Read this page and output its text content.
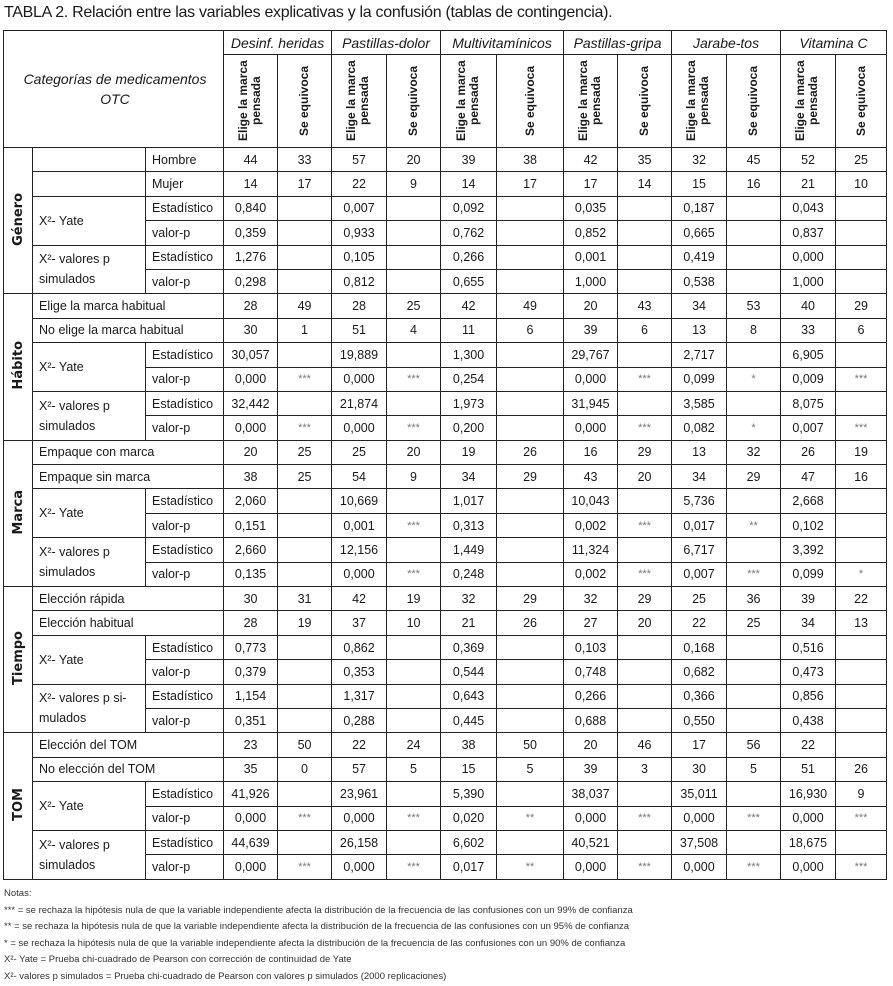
TABLA 2. Relación entre las variables explicativas y la confusión (tablas de contingencia).
Categorías de medicamentos OTC			Desinf. heridas		Pastillas-dolor		Multivitamínicos		Pastillas-gripa		Jarabe-tos		Vitamina C	

			Elige la marca pensada	Se equivoca	Elige la marca pensada	Se equivoca	Elige la marca pensada	Se equivoca	Elige la marca pensada	Se equivoca	Elige la marca pensada	Se equivoca	Elige la marca pensada	Se equivoca

Género		Hombre	44	33	57	20	39	38	42	35	32	45	52	25
		Mujer	14	17	22	9	14	17	17	14	15	16	21	10
	X²- Yate	Estadístico	0,840		0,007		0,092		0,035		0,187		0,043	
		valor-p	0,359		0,933		0,762		0,852		0,665		0,837	
	X²- valores p simulados	Estadístico	1,276		0,105		0,266		0,001		0,419		0,000	
		valor-p	0,298		0,812		0,655		1,000		0,538		1,000	
Hábito	Elige la marca habitual		28	49	28	25	42	49	20	43	34	53	40	29
	No elige la marca habitual		30	1	51	4	11	6	39	6	13	8	33	6
	X²- Yate	Estadístico	30,057		19,889		1,300		29,767		2,717		6,905	
		valor-p	0,000	***	0,000	***	0,254		0,000	***	0,099	*	0,009	***
	X²- valores p simulados	Estadístico	32,442		21,874		1,973		31,945		3,585		8,075	
		valor-p	0,000	***	0,000	***	0,200		0,000	***	0,082	*	0,007	***
Marca	Empaque con marca		20	25	25	20	19	26	16	29	13	32	26	19
	Empaque sin marca		38	25	54	9	34	29	43	20	34	29	47	16
	X²- Yate	Estadístico	2,060		10,669		1,017		10,043		5,736		2,668	
		valor-p	0,151		0,001	***	0,313		0,002	***	0,017	**	0,102	
	X²- valores p simulados	Estadístico	2,660		12,156		1,449		11,324		6,717		3,392	
		valor-p	0,135		0,000	***	0,248		0,002	***	0,007	***	0,099	*
Tiempo	Elección rápida		30	31	42	19	32	29	32	29	25	36	39	22
	Elección habitual		28	19	37	10	21	26	27	20	22	25	34	13
	X²- Yate	Estadístico	0,773		0,862		0,369		0,103		0,168		0,516	
		valor-p	0,379		0,353		0,544		0,748		0,682		0,473	
	X²- valores p si-mulados	Estadístico	1,154		1,317		0,643		0,266		0,366		0,856	
		valor-p	0,351		0,288		0,445		0,688		0,550		0,438	
TOM	Elección del TOM		23	50	22	24	38	50	20	46	17	56	22	
	No elección del TOM		35	0	57	5	15	5	39	3	30	5	51	26
	X²- Yate	Estadístico	41,926		23,961		5,390		38,037		35,011		16,930	9
		valor-p	0,000	***	0,000	***	0,020	**	0,000	***	0,000	***	0,000	***
	X²- valores p simulados	Estadístico	44,639		26,158		6,602		40,521		37,508		18,675	
		valor-p	0,000	***	0,000	***	0,017	**	0,000	***	0,000	***	0,000	***
Notas:
*** = se rechaza la hipótesis nula de que la variable independiente afecta la distribución de la frecuencia de las confusiones con un 99% de confianza
** = se rechaza la hipótesis nula de que la variable independiente afecta la distribución de la frecuencia de las confusiones con un 95% de confianza
* = se rechaza la hipótesis nula de que la variable independiente afecta la distribución de la frecuencia de las confusiones con un 90% de confianza
X²- Yate = Prueba chi-cuadrado de Pearson con corrección de continuidad de Yate
X²- valores p simulados = Prueba chi-cuadrado de Pearson con valores p simulados (2000 replicaciones)
